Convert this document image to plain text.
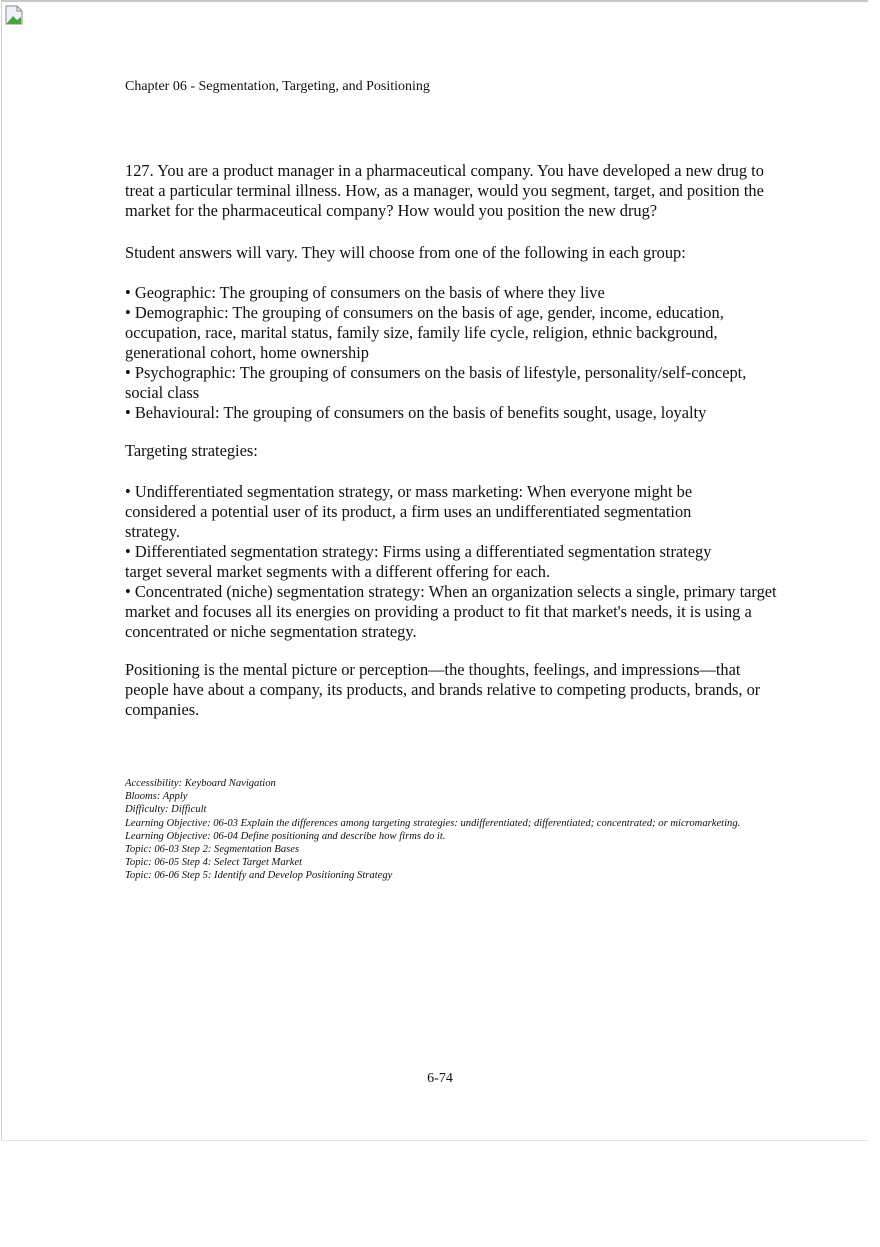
Chapter 06 - Segmentation, Targeting, and Positioning
127. You are a product manager in a pharmaceutical company. You have developed a new drug to treat a particular terminal illness. How, as a manager, would you segment, target, and position the market for the pharmaceutical company? How would you position the new drug?
Student answers will vary. They will choose from one of the following in each group:

• Geographic: The grouping of consumers on the basis of where they live

• Demographic: The grouping of consumers on the basis of age, gender, income, education, occupation, race, marital status, family size, family life cycle, religion, ethnic background, generational cohort, home ownership

• Psychographic: The grouping of consumers on the basis of lifestyle, personality/self-concept, social class

• Behavioural: The grouping of consumers on the basis of benefits sought, usage, loyalty

Targeting strategies:

• Undifferentiated segmentation strategy, or mass marketing: When everyone might be considered a potential user of its product, a firm uses an undifferentiated segmentation strategy.

• Differentiated segmentation strategy: Firms using a differentiated segmentation strategy target several market segments with a different offering for each.

• Concentrated (niche) segmentation strategy: When an organization selects a single, primary target market and focuses all its energies on providing a product to fit that market's needs, it is using a concentrated or niche segmentation strategy.

Positioning is the mental picture or perception—the thoughts, feelings, and impressions—that people have about a company, its products, and brands relative to competing products, brands, or companies.
Accessibility: Keyboard Navigation
Blooms: Apply
Difficulty: Difficult
Learning Objective: 06-03 Explain the differences among targeting strategies: undifferentiated; differentiated; concentrated; or micromarketing.
Learning Objective: 06-04 Define positioning and describe how firms do it.
Topic: 06-03 Step 2: Segmentation Bases
Topic: 06-05 Step 4: Select Target Market
Topic: 06-06 Step 5: Identify and Develop Positioning Strategy
6-74
